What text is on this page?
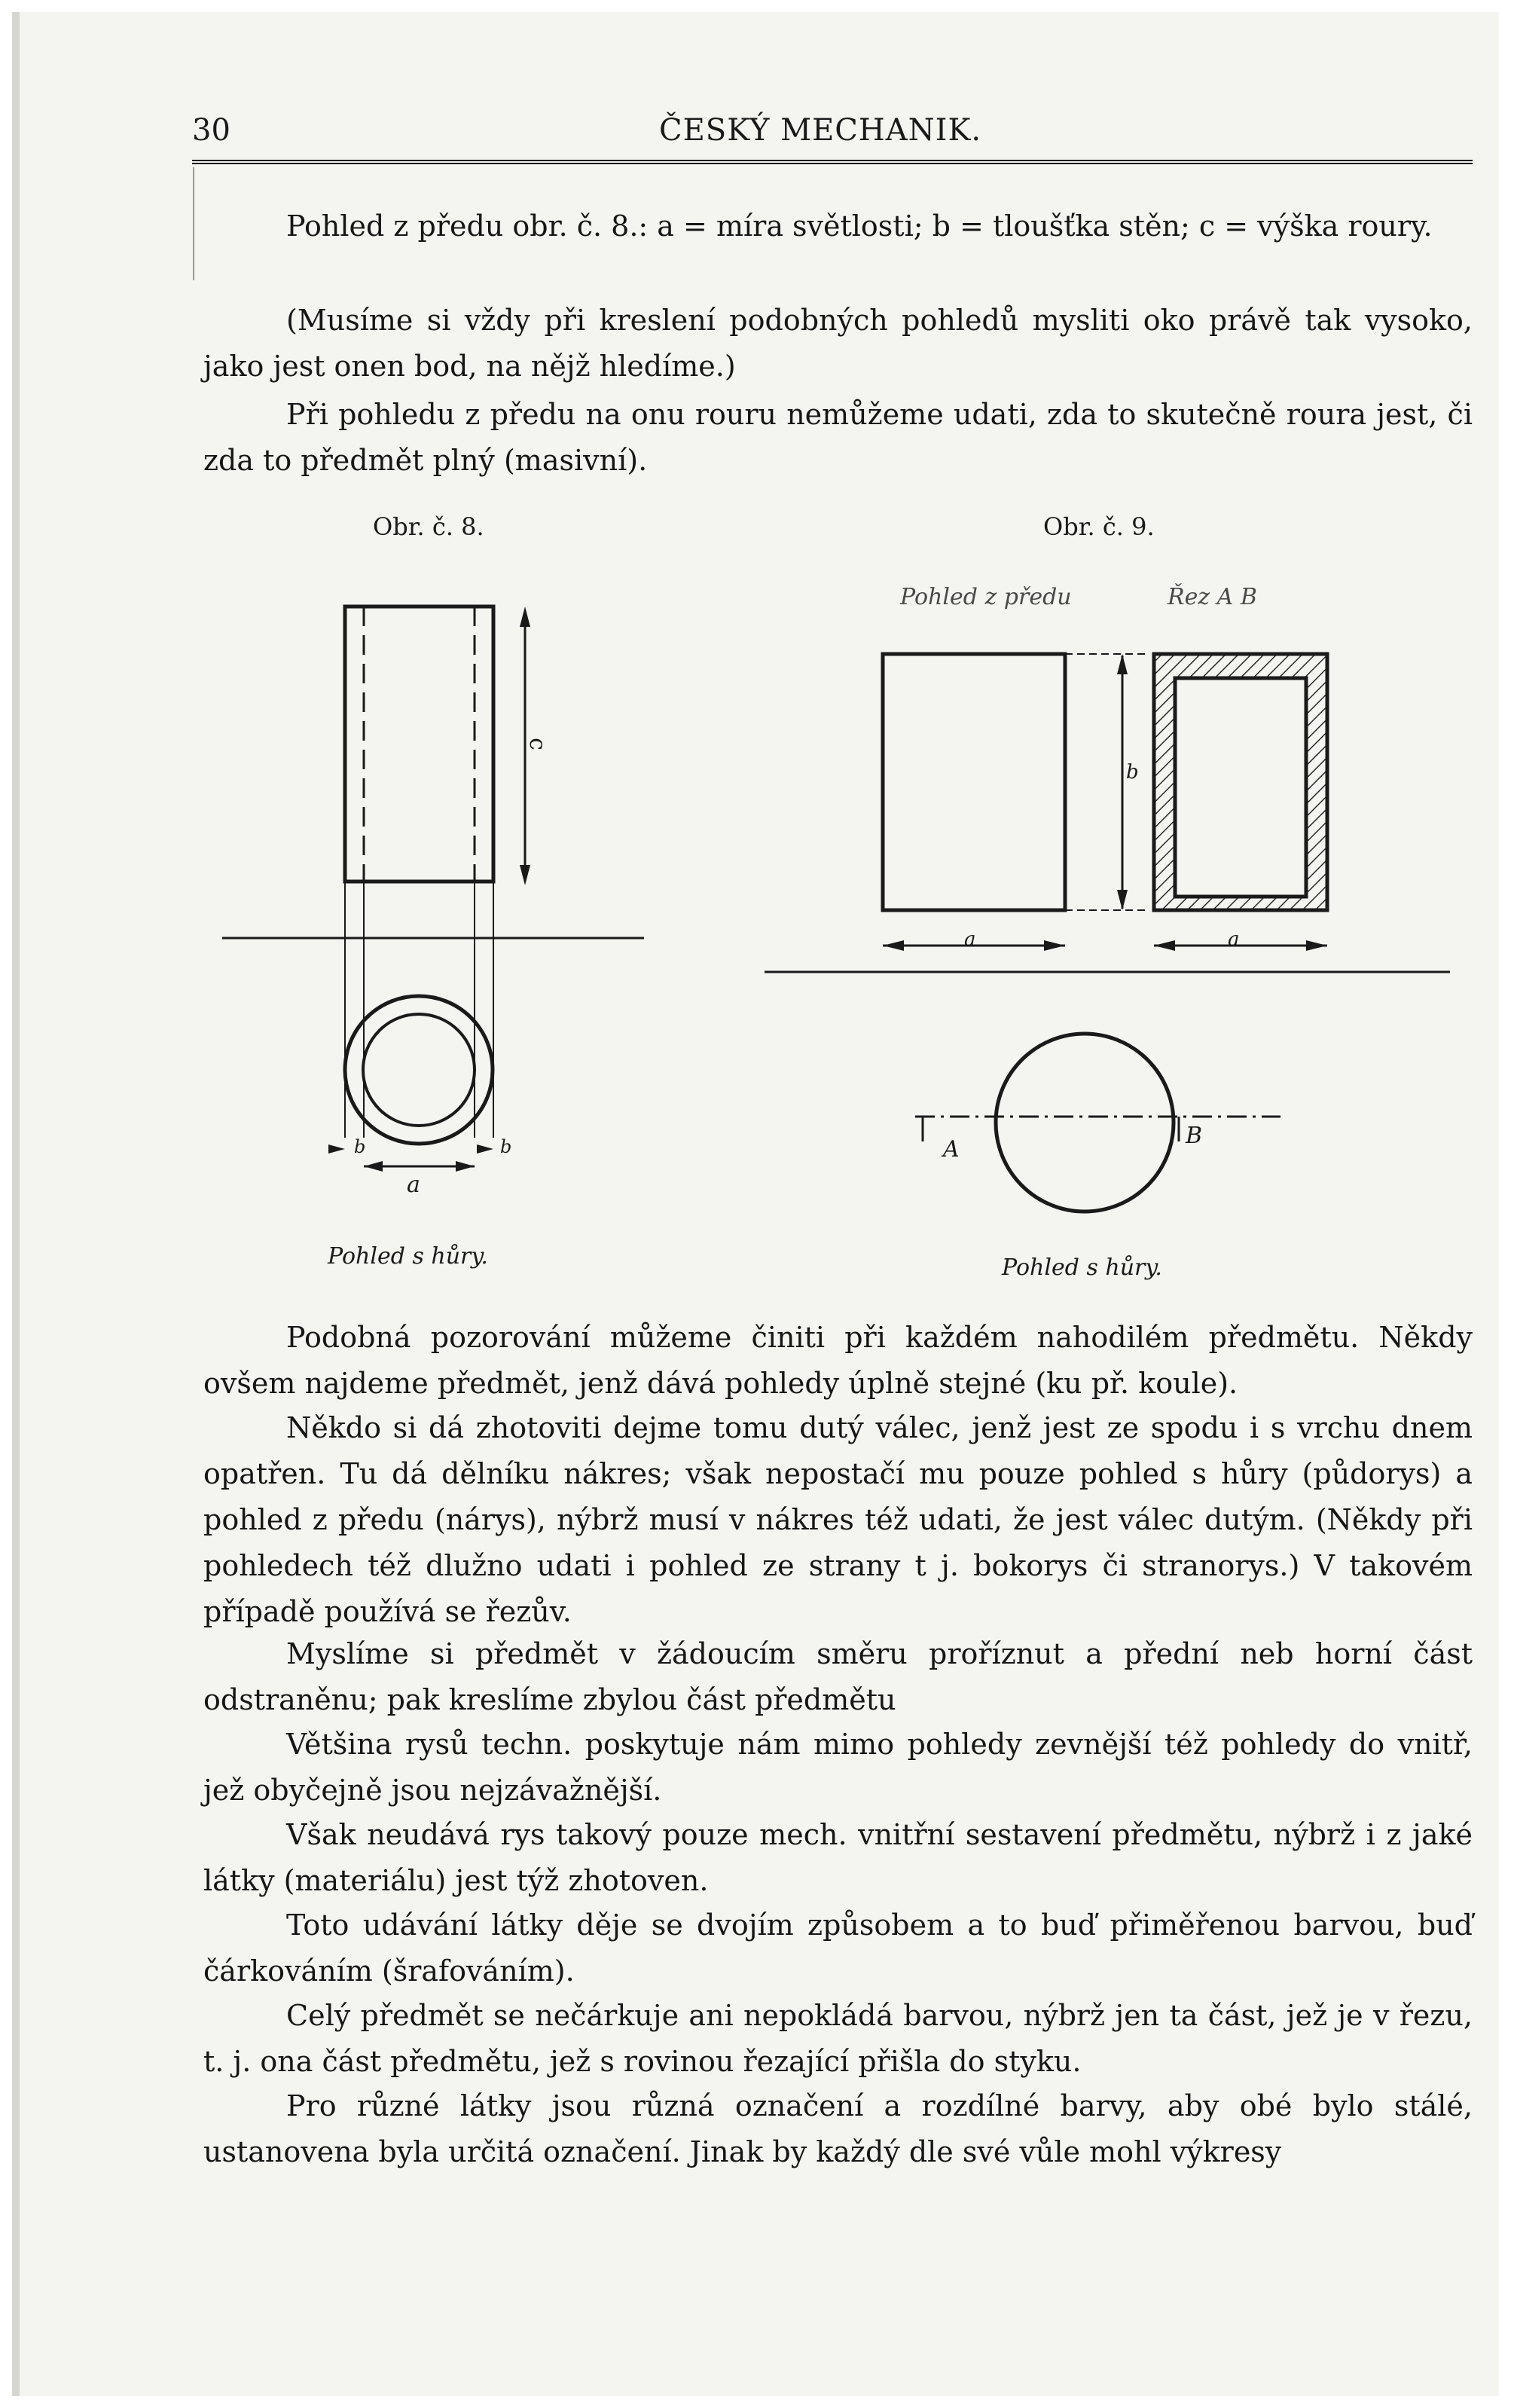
30	ČESKÝ MECHANIK.

Pohled z předu obr. č. 8.: a = míra světlosti; b = tloušťka stěn; c = výška roury.

(Musíme si vždy při kreslení podobných pohledů mysliti oko právě tak vysoko, jako jest onen bod, na nějž hledíme.)

Při pohledu z předu na onu rouru nemůžeme udati, zda to skutečně roura jest, či zda to předmět plný (masivní).

Obr. č. 8.	Obr. č. 9.
Pohled z předu	Řez A B
c
a
b	b
Pohled s hůry.
b
a	a
A
B
Pohled s hůry.

Podobná pozorování můžeme činiti při každém nahodilém předmětu. Někdy ovšem najdeme předmět, jenž dává pohledy úplně stejné (ku př. koule).

Někdo si dá zhotoviti dejme tomu dutý válec, jenž jest ze spodu i s vrchu dnem opatřen. Tu dá dělníku nákres; však nepostačí mu pouze pohled s hůry (půdorys) a pohled z předu (nárys), nýbrž musí v nákres též udati, že jest válec dutým. (Někdy při pohledech též dlužno udati i pohled ze strany t j. bokorys či stranorys.) V takovém případě používá se řezův.

Myslíme si předmět v žádoucím směru proříznut a přední neb horní část odstraněnu; pak kreslíme zbylou část předmětu

Většina rysů techn. poskytuje nám mimo pohledy zevnější též pohledy do vnitř, jež obyčejně jsou nejzávažnější.

Však neudává rys takový pouze mech. vnitřní sestavení předmětu, nýbrž i z jaké látky (materiálu) jest týž zhotoven.

Toto udávání látky děje se dvojím způsobem a to buď přiměřenou barvou, buď čárkováním (šrafováním).

Celý předmět se nečárkuje ani nepokládá barvou, nýbrž jen ta část, jež je v řezu, t. j. ona část předmětu, jež s rovinou řezající přišla do styku.

Pro různé látky jsou různá označení a rozdílné barvy, aby obé bylo stálé, ustanovena byla určitá označení. Jinak by každý dle své vůle mohl výkresy
